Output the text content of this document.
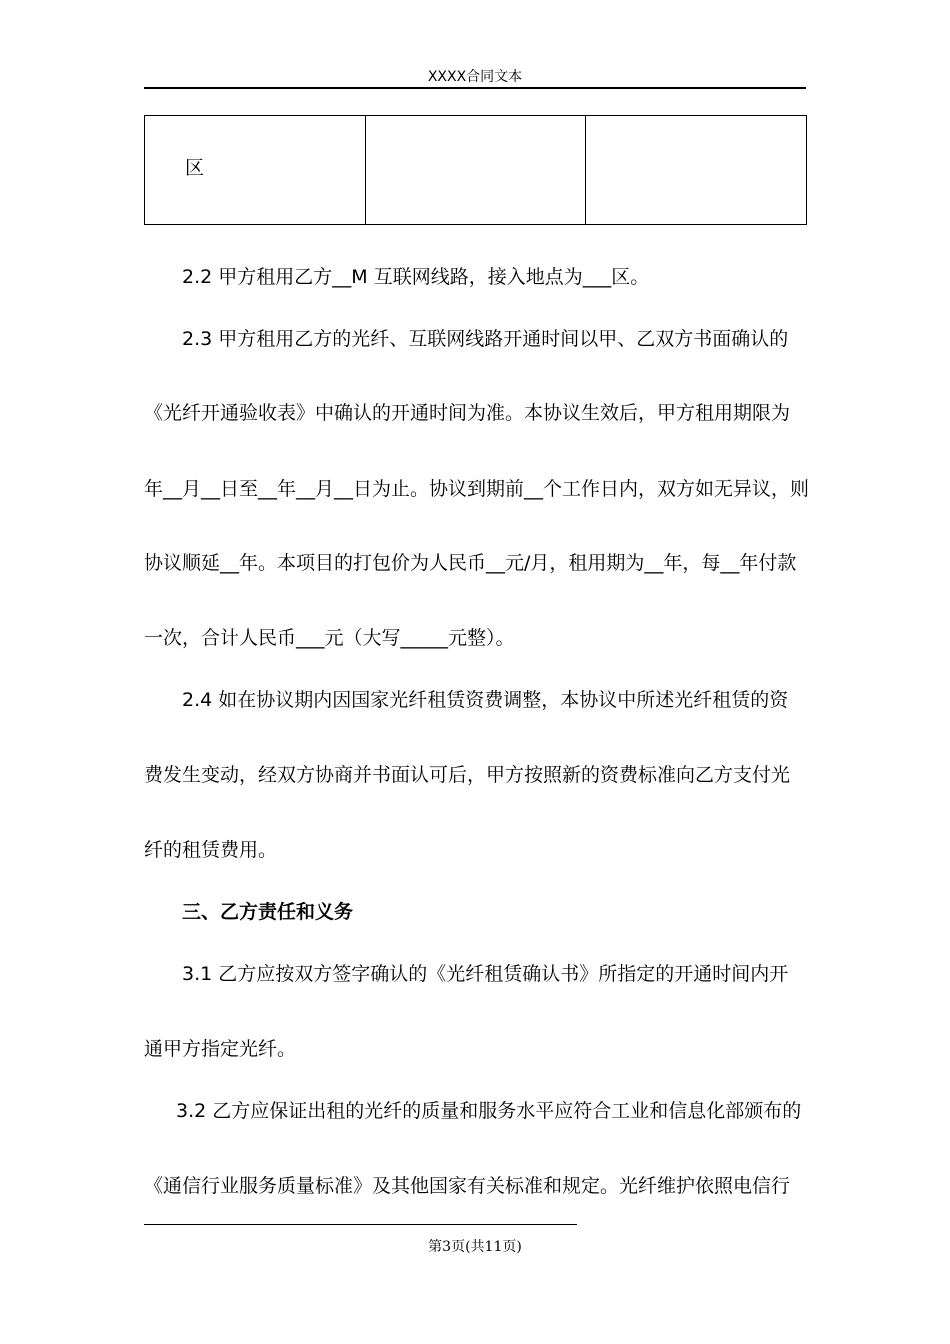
XXXX合同文本
区

2.2 甲方租用乙方__M 互联网线路，接入地点为___区。

2.3 甲方租用乙方的光纤、互联网线路开通时间以甲、乙双方书面确认的

《光纤开通验收表》中确认的开通时间为准。本协议生效后，甲方租用期限为

年__月__日至__年__月__日为止。协议到期前__个工作日内，双方如无异议，则

协议顺延__年。本项目的打包价为人民币__元/月，租用期为__年，每__年付款

一次，合计人民币___元（大写_____元整）。

2.4 如在协议期内因国家光纤租赁资费调整，本协议中所述光纤租赁的资

费发生变动，经双方协商并书面认可后，甲方按照新的资费标准向乙方支付光

纤的租赁费用。

三、乙方责任和义务

3.1 乙方应按双方签字确认的《光纤租赁确认书》所指定的开通时间内开

通甲方指定光纤。

3.2 乙方应保证出租的光纤的质量和服务水平应符合工业和信息化部颁布的

《通信行业服务质量标准》及其他国家有关标准和规定。光纤维护依照电信行

第3页(共11页)
